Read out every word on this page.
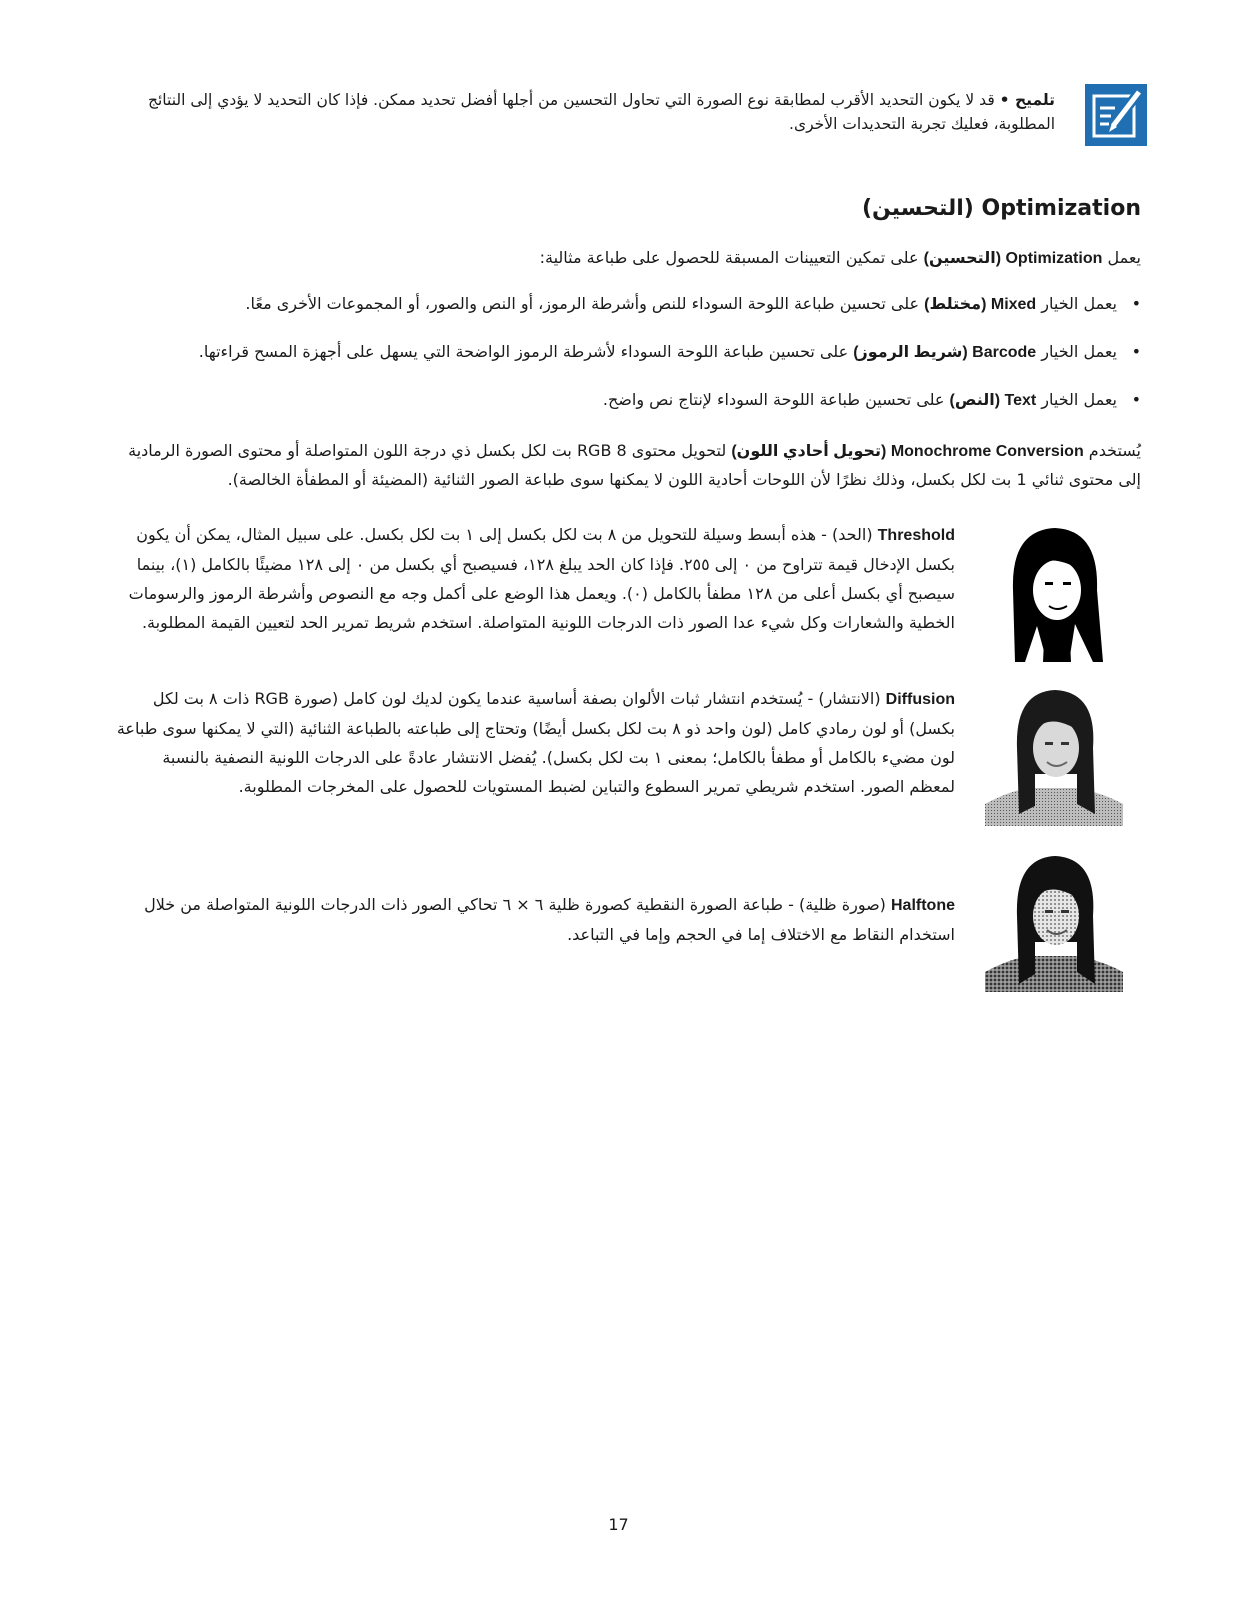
تلميح • قد لا يكون التحديد الأقرب لمطابقة نوع الصورة التي تحاول التحسين من أجلها أفضل تحديد ممكن. فإذا كان التحديد لا يؤدي إلى النتائج المطلوبة، فعليك تجربة التحديدات الأخرى.
Optimization (التحسين)

يعمل Optimization (التحسين) على تمكين التعيينات المسبقة للحصول على طباعة مثالية:

•
يعمل الخيار Mixed (مختلط) على تحسين طباعة اللوحة السوداء للنص وأشرطة الرموز، أو النص والصور، أو المجموعات الأخرى معًا.
•
يعمل الخيار Barcode (شريط الرموز) على تحسين طباعة اللوحة السوداء لأشرطة الرموز الواضحة التي يسهل على أجهزة المسح قراءتها.
•
يعمل الخيار Text (النص) على تحسين طباعة اللوحة السوداء لإنتاج نص واضح.

يُستخدم Monochrome Conversion (تحويل أحادي اللون) لتحويل محتوى RGB 8 بت لكل بكسل ذي درجة اللون المتواصلة أو محتوى الصورة الرمادية إلى محتوى ثنائي 1 بت لكل بكسل، وذلك نظرًا لأن اللوحات أحادية اللون لا يمكنها سوى طباعة الصور الثنائية (المضيئة أو المطفأة الخالصة).

Threshold (الحد) - هذه أبسط وسيلة للتحويل من ٨ بت لكل بكسل إلى ١ بت لكل بكسل. على سبيل المثال، يمكن أن يكون بكسل الإدخال قيمة تتراوح من ٠ إلى ٢٥٥. فإذا كان الحد يبلغ ١٢٨، فسيصبح أي بكسل من ٠ إلى ١٢٨ مضيئًا بالكامل (١)، بينما سيصبح أي بكسل أعلى من ١٢٨ مطفأ بالكامل (٠). ويعمل هذا الوضع على أكمل وجه مع النصوص وأشرطة الرموز والرسومات الخطية والشعارات وكل شيء عدا الصور ذات الدرجات اللونية المتواصلة. استخدم شريط تمرير الحد لتعيين القيمة المطلوبة.
Diffusion (الانتشار) - يُستخدم انتشار ثبات الألوان بصفة أساسية عندما يكون لديك لون كامل (صورة RGB ذات ٨ بت لكل بكسل) أو لون رمادي كامل (لون واحد ذو ٨ بت لكل بكسل أيضًا) وتحتاج إلى طباعته بالطباعة الثنائية (التي لا يمكنها سوى طباعة لون مضيء بالكامل أو مطفأ بالكامل؛ بمعنى ١ بت لكل بكسل). يُفضل الانتشار عادةً على الدرجات اللونية النصفية بالنسبة لمعظم الصور. استخدم شريطي تمرير السطوع والتباين لضبط المستويات للحصول على المخرجات المطلوبة.
Halftone (صورة ظلية) - طباعة الصورة النقطية كصورة ظلية ٦ × ٦ تحاكي الصور ذات الدرجات اللونية المتواصلة من خلال استخدام النقاط مع الاختلاف إما في الحجم وإما في التباعد.
17
